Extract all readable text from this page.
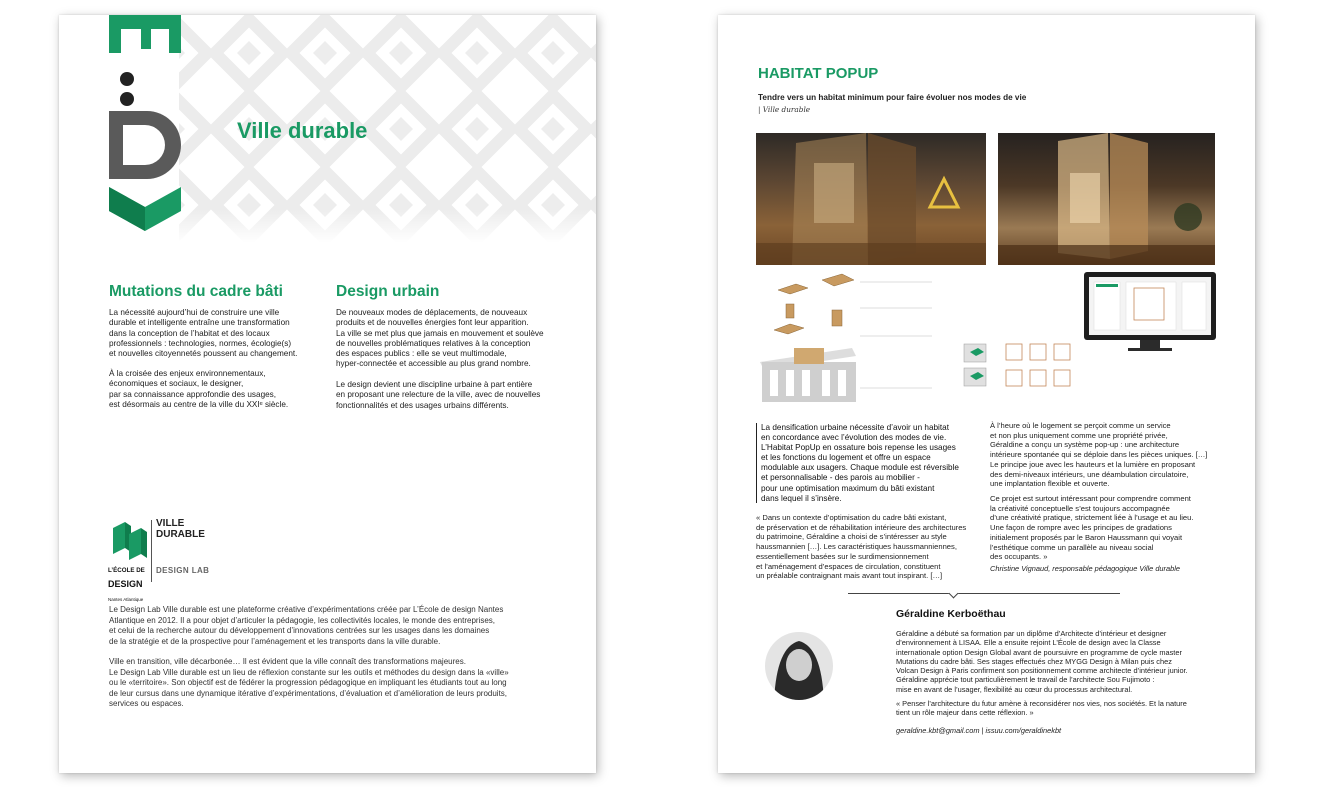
Ville durable
Mutations du cadre bâti

La nécessité aujourd’hui de construire une ville
durable et intelligente entraîne une transformation
dans la conception de l’habitat et des locaux
professionnels : technologies, normes, écologie(s)
et nouvelles citoyennetés poussent au changement.

À la croisée des enjeux environnementaux,
économiques et sociaux, le designer,
par sa connaissance approfondie des usages,
est désormais au centre de la ville du XXIᵉ siècle.

Design urbain

De nouveaux modes de déplacements, de nouveaux
produits et de nouvelles énergies font leur apparition.
La ville se met plus que jamais en mouvement et soulève
de nouvelles problématiques relatives à la conception
des espaces publics : elle se veut multimodale,
hyper-connectée et accessible au plus grand nombre.

Le design devient une discipline urbaine à part entière
en proposant une relecture de la ville, avec de nouvelles
fonctionnalités et des usages urbains différents.

L’ÉCOLE DE

DESIGN

Nantes Atlantique

VILLE
DURABLE
DESIGN LAB

Le Design Lab Ville durable est une plateforme créative d’expérimentations créée par L’École de design Nantes
Atlantique en 2012. Il a pour objet d’articuler la pédagogie, les collectivités locales, le monde des entreprises,
et celui de la recherche autour du développement d’innovations centrées sur les usages dans les domaines
de la stratégie et de la prospective pour l’aménagement et les transports dans la ville durable.

Ville en transition, ville décarbonée… Il est évident que la ville connaît des transformations majeures.
Le Design Lab Ville durable est un lieu de réflexion constante sur les outils et méthodes du design dans la «ville»
ou le «territoire». Son objectif est de fédérer la progression pédagogique en impliquant les étudiants tout au long
de leur cursus dans une dynamique itérative d’expérimentations, d’évaluation et d’amélioration de leurs produits,
services ou espaces.

HABITAT POPUP
Tendre vers un habitat minimum pour faire évoluer nos modes de vie
| Ville durable

La densification urbaine nécessite d’avoir un habitat
en concordance avec l’évolution des modes de vie.
L’Habitat PopUp en ossature bois repense les usages
et les fonctions du logement et offre un espace
modulable aux usagers. Chaque module est réversible
et personnalisable - des parois au mobilier -
pour une optimisation maximum du bâti existant
dans lequel il s’insère.

« Dans un contexte d’optimisation du cadre bâti existant,
de préservation et de réhabilitation intérieure des architectures
du patrimoine, Géraldine a choisi de s’intéresser au style
haussmannien […]. Les caractéristiques haussmanniennes,
essentiellement basées sur le surdimensionnement
et l’aménagement d’espaces de circulation, constituent
un préalable contraignant mais avant tout inspirant. […]

À l’heure où le logement se perçoit comme un service
et non plus uniquement comme une propriété privée,
Géraldine a conçu un système pop-up : une architecture
intérieure spontanée qui se déploie dans les pièces uniques. […]
Le principe joue avec les hauteurs et la lumière en proposant
des demi-niveaux intérieurs, une déambulation circulatoire,
une implantation flexible et ouverte.

Ce projet est surtout intéressant pour comprendre comment
la créativité conceptuelle s’est toujours accompagnée
d’une créativité pratique, strictement liée à l’usage et au lieu.
Une façon de rompre avec les principes de gradations
initialement proposés par le Baron Haussmann qui voyait
l’esthétique comme un parallèle au niveau social
des occupants. »

Christine Vignaud, responsable pédagogique Ville durable
Géraldine Kerboëthau

Géraldine a débuté sa formation par un diplôme d’Architecte d’intérieur et designer
d’environnement à LISAA. Elle a ensuite rejoint L’École de design avec la Classe
internationale option Design Global avant de poursuivre en programme de cycle master
Mutations du cadre bâti. Ses stages effectués chez MYGG Design à Milan puis chez
Volcan Design à Paris confirment son positionnement comme architecte d’intérieur junior.
Géraldine apprécie tout particulièrement le travail de l’architecte Sou Fujimoto :
mise en avant de l’usager, flexibilité au cœur du processus architectural.

« Penser l’architecture du futur amène à reconsidérer nos vies, nos sociétés. Et la nature
tient un rôle majeur dans cette réflexion. »

geraldine.kbt@gmail.com | issuu.com/geraldinekbt
